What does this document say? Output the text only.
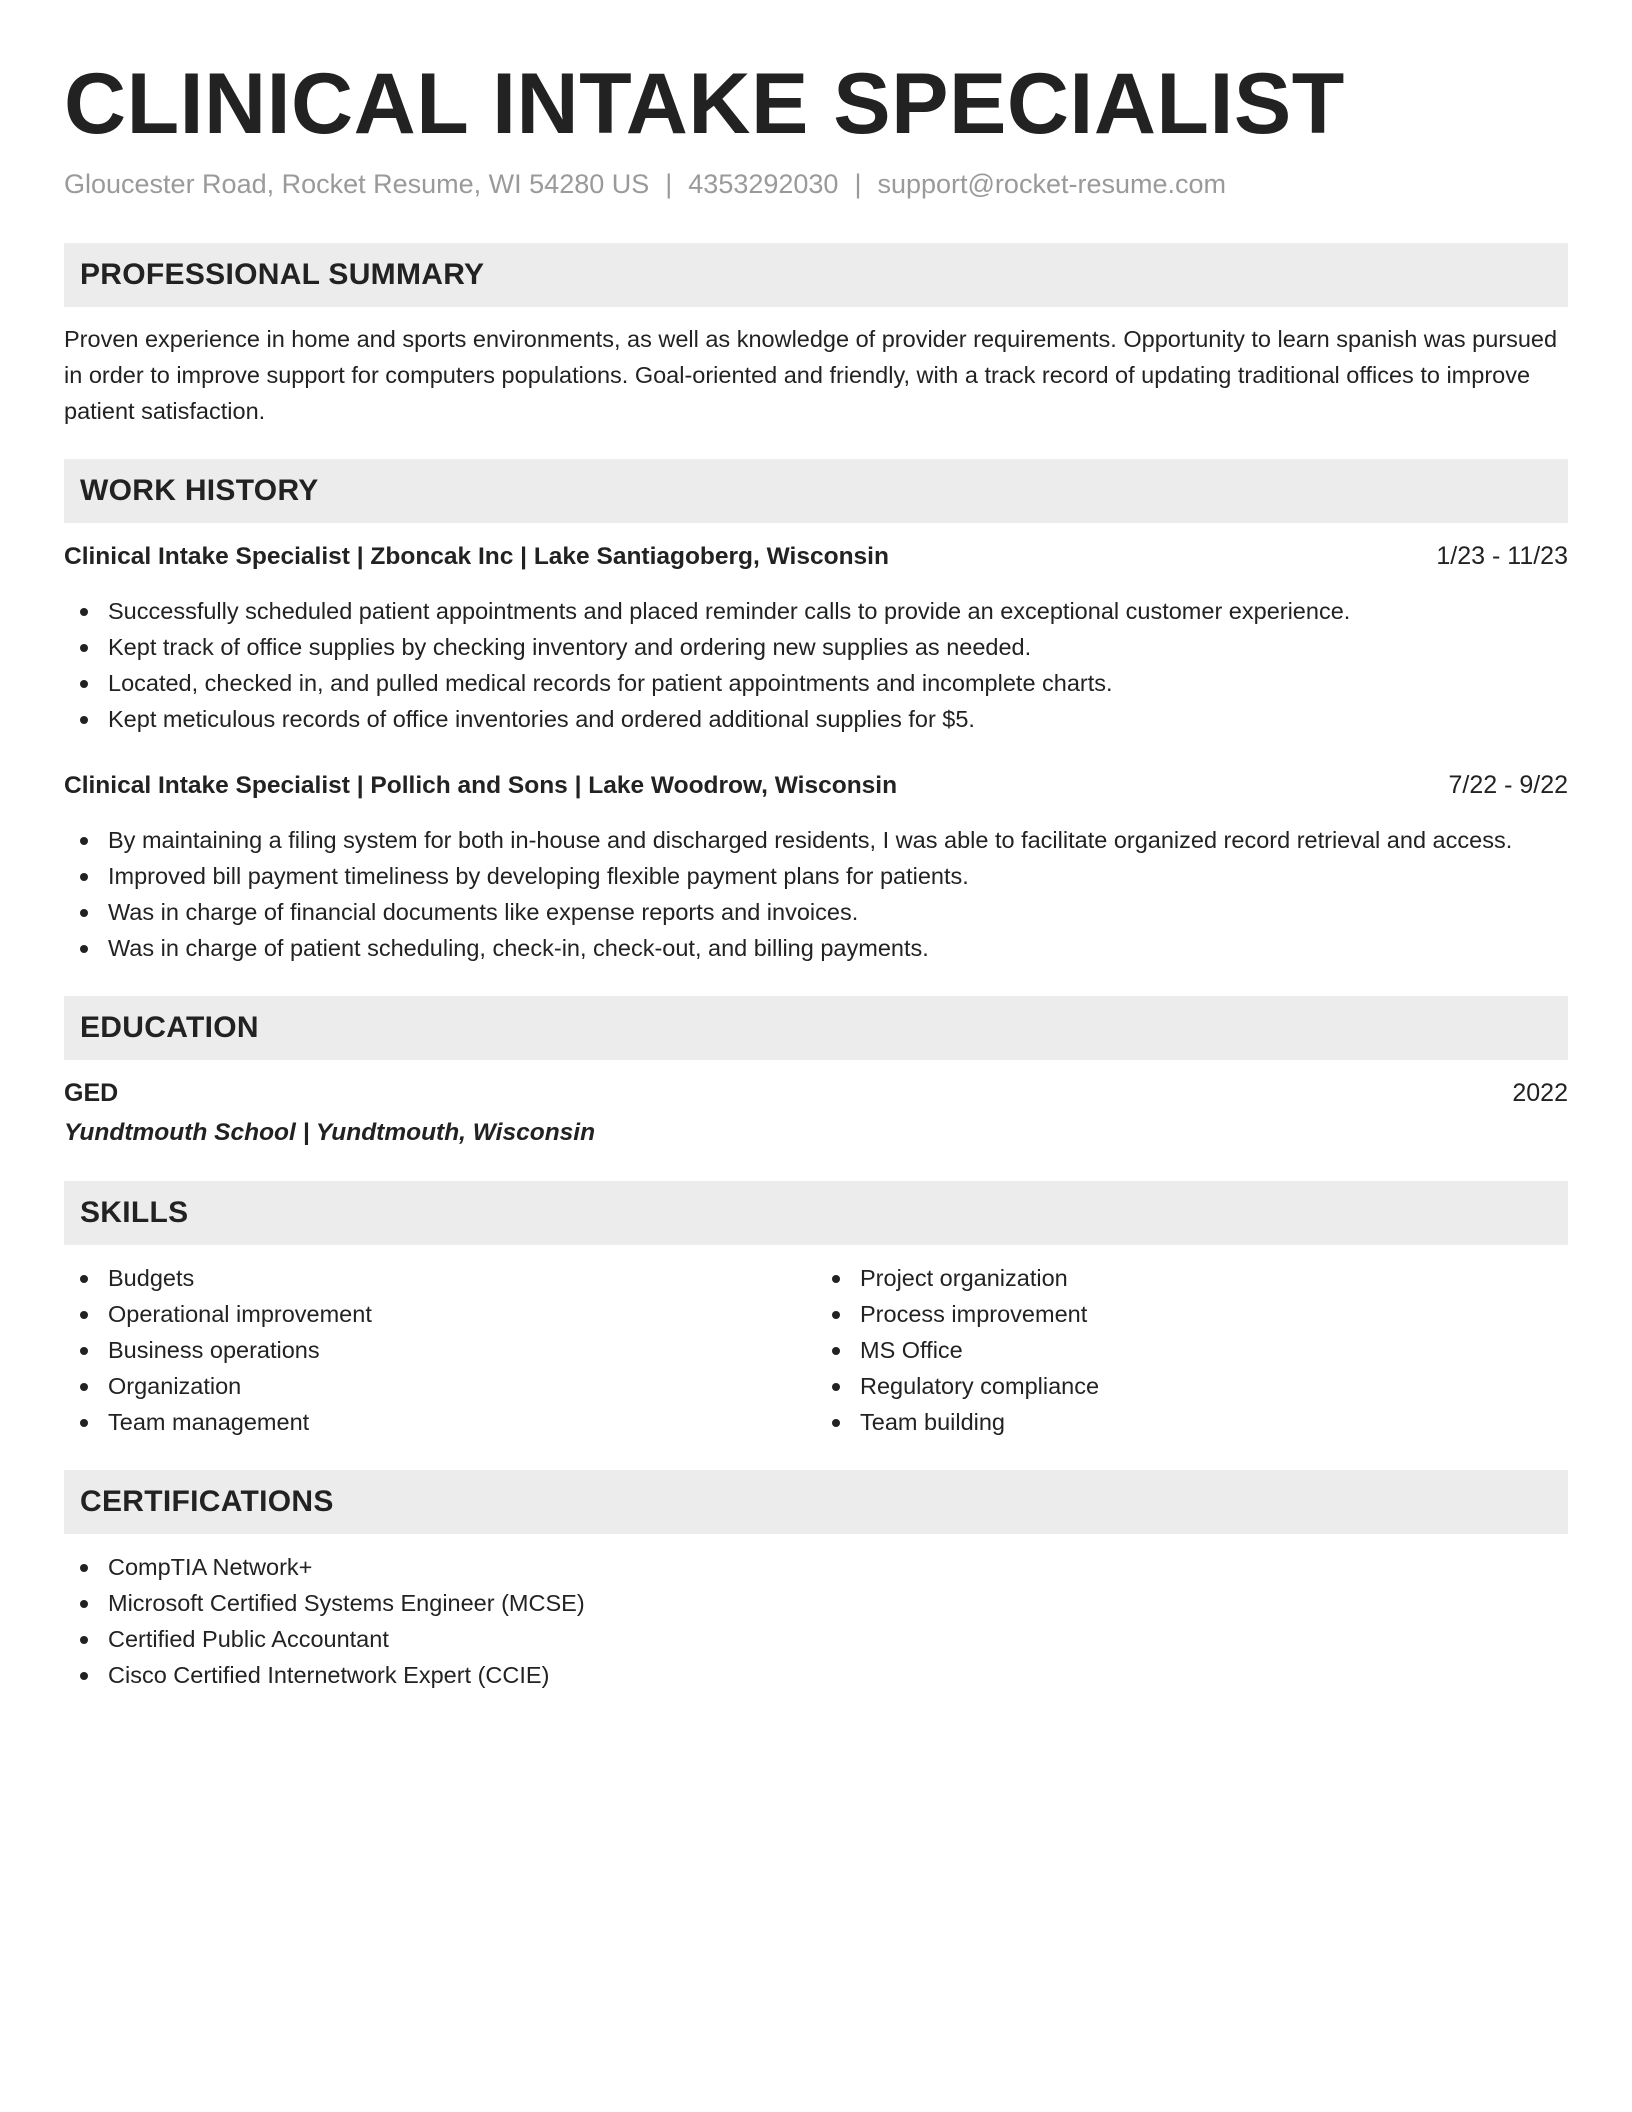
CLINICAL INTAKE SPECIALIST
Gloucester Road, Rocket Resume, WI 54280 US | 4353292030 | support@rocket-resume.com
PROFESSIONAL SUMMARY
Proven experience in home and sports environments, as well as knowledge of provider requirements. Opportunity to learn spanish was pursued in order to improve support for computers populations. Goal-oriented and friendly, with a track record of updating traditional offices to improve patient satisfaction.
WORK HISTORY
Clinical Intake Specialist | Zboncak Inc | Lake Santiagoberg, Wisconsin	1/23 - 11/23
Successfully scheduled patient appointments and placed reminder calls to provide an exceptional customer experience.
Kept track of office supplies by checking inventory and ordering new supplies as needed.
Located, checked in, and pulled medical records for patient appointments and incomplete charts.
Kept meticulous records of office inventories and ordered additional supplies for $5.
Clinical Intake Specialist | Pollich and Sons | Lake Woodrow, Wisconsin	7/22 - 9/22
By maintaining a filing system for both in-house and discharged residents, I was able to facilitate organized record retrieval and access.
Improved bill payment timeliness by developing flexible payment plans for patients.
Was in charge of financial documents like expense reports and invoices.
Was in charge of patient scheduling, check-in, check-out, and billing payments.
EDUCATION
GED	2022
Yundtmouth School | Yundtmouth, Wisconsin
SKILLS
Budgets
Operational improvement
Business operations
Organization
Team management
Project organization
Process improvement
MS Office
Regulatory compliance
Team building
CERTIFICATIONS
CompTIA Network+
Microsoft Certified Systems Engineer (MCSE)
Certified Public Accountant
Cisco Certified Internetwork Expert (CCIE)
